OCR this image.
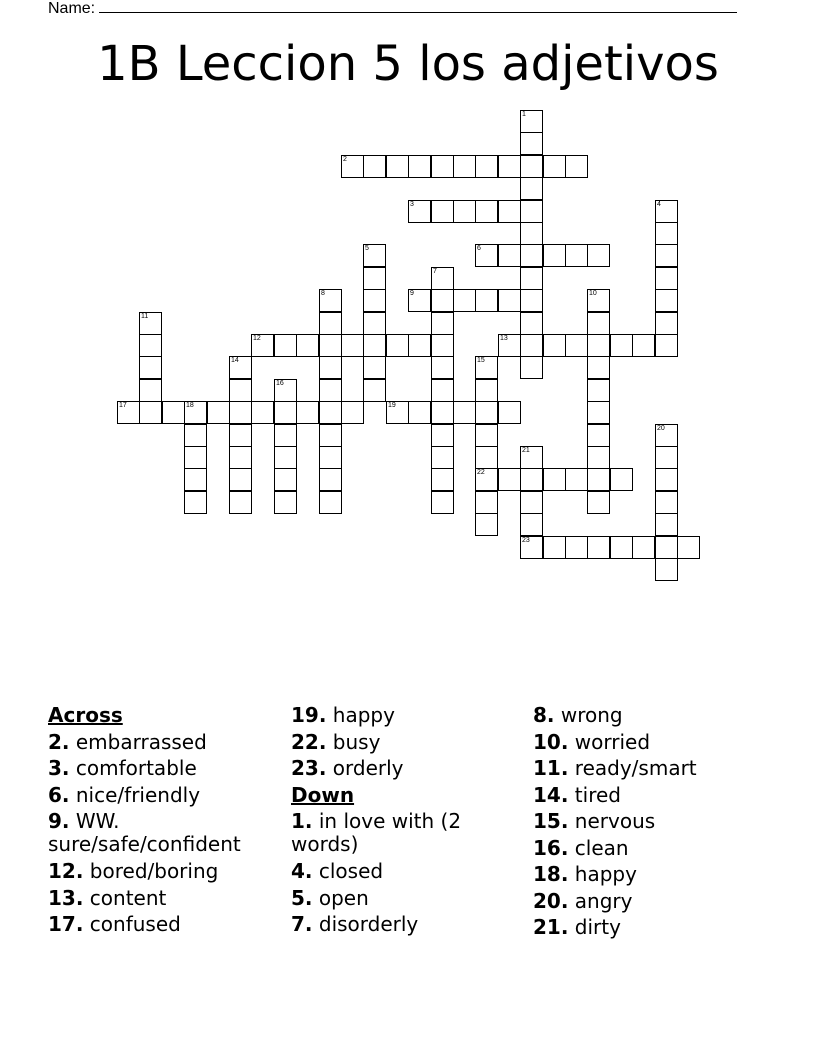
Name:
1B Leccion 5 los adjetivos
1
2
3	4
5	6
7
8	9	10
11
12	13
14	15
22
16
17	18	19
20
21
23

Across

2. embarrassed

3. comfortable

6. nice/friendly

9. WW.
sure/safe/confident

12. bored/boring

13. content

17. confused

19. happy

22. busy

23. orderly

Down

1. in love with (2
words)

4. closed

5. open

7. disorderly

8. wrong

10. worried

11. ready/smart

14. tired

15. nervous

16. clean

18. happy

20. angry

21. dirty
